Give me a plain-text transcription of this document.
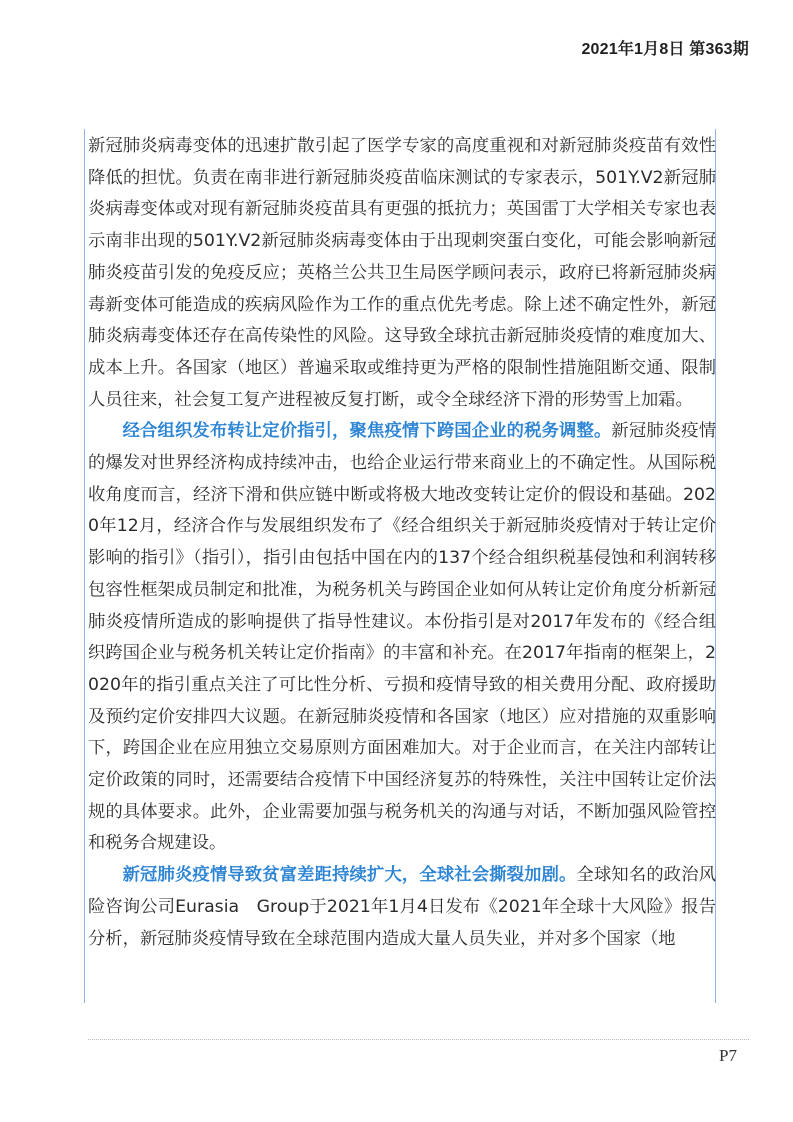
2021年1月8日 第363期

新冠肺炎病毒变体的迅速扩散引起了医学专家的高度重视和对新冠肺炎疫苗有效性降低的担忧。负责在南非进行新冠肺炎疫苗临床测试的专家表示，501Y.V2新冠肺炎病毒变体或对现有新冠肺炎疫苗具有更强的抵抗力；英国雷丁大学相关专家也表示南非出现的501Y.V2新冠肺炎病毒变体由于出现刺突蛋白变化，可能会影响新冠肺炎疫苗引发的免疫反应；英格兰公共卫生局医学顾问表示，政府已将新冠肺炎病毒新变体可能造成的疾病风险作为工作的重点优先考虑。除上述不确定性外，新冠肺炎病毒变体还存在高传染性的风险。这导致全球抗击新冠肺炎疫情的难度加大、成本上升。各国家（地区）普遍采取或维持更为严格的限制性措施阻断交通、限制人员往来，社会复工复产进程被反复打断，或令全球经济下滑的形势雪上加霜。

经合组织发布转让定价指引，聚焦疫情下跨国企业的税务调整。新冠肺炎疫情的爆发对世界经济构成持续冲击，也给企业运行带来商业上的不确定性。从国际税收角度而言，经济下滑和供应链中断或将极大地改变转让定价的假设和基础。2020年12月，经济合作与发展组织发布了《经合组织关于新冠肺炎疫情对于转让定价影响的指引》（指引），指引由包括中国在内的137个经合组织税基侵蚀和利润转移包容性框架成员制定和批准，为税务机关与跨国企业如何从转让定价角度分析新冠肺炎疫情所造成的影响提供了指导性建议。本份指引是对2017年发布的《经合组织跨国企业与税务机关转让定价指南》的丰富和补充。在2017年指南的框架上，2020年的指引重点关注了可比性分析、亏损和疫情导致的相关费用分配、政府援助及预约定价安排四大议题。在新冠肺炎疫情和各国家（地区）应对措施的双重影响下，跨国企业在应用独立交易原则方面困难加大。对于企业而言，在关注内部转让定价政策的同时，还需要结合疫情下中国经济复苏的特殊性，关注中国转让定价法规的具体要求。此外，企业需要加强与税务机关的沟通与对话，不断加强风险管控和税务合规建设。

新冠肺炎疫情导致贫富差距持续扩大，全球社会撕裂加剧。全球知名的政治风险咨询公司Eurasia　Group于2021年1月4日发布《2021年全球十大风险》报告分析，新冠肺炎疫情导致在全球范围内造成大量人员失业，并对多个国家（地

P7
